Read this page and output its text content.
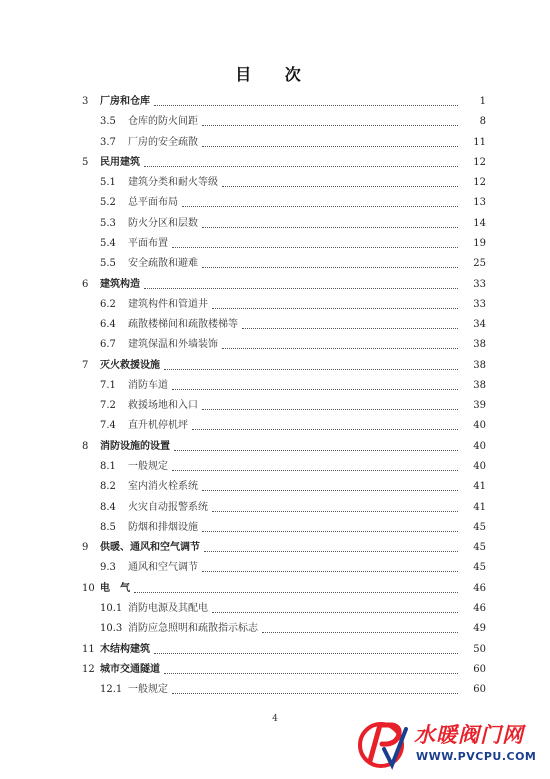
目 次
3 厂房和仓库	1
3.5 仓库的防火间距	8
3.7 厂房的安全疏散	11
5 民用建筑	12
5.1 建筑分类和耐火等级	12
5.2 总平面布局	13
5.3 防火分区和层数	14
5.4 平面布置	19
5.5 安全疏散和避难	25
6 建筑构造	33
6.2 建筑构件和管道井	33
6.4 疏散楼梯间和疏散楼梯等	34
6.7 建筑保温和外墙装饰	38
7 灭火救援设施	38
7.1 消防车道	38
7.2 救援场地和入口	39
7.4 直升机停机坪	40
8 消防设施的设置	40
8.1 一般规定	40
8.2 室内消火栓系统	41
8.4 火灾自动报警系统	41
8.5 防烟和排烟设施	45
9 供暖、通风和空气调节	45
9.3 通风和空气调节	45
10 电　气	46
10.1 消防电源及其配电	46
10.3 消防应急照明和疏散指示标志	49
11 木结构建筑	50
12 城市交通隧道	60
12.1 一般规定	60
4
水暖阀门网
WWW.PVCPU.COM
